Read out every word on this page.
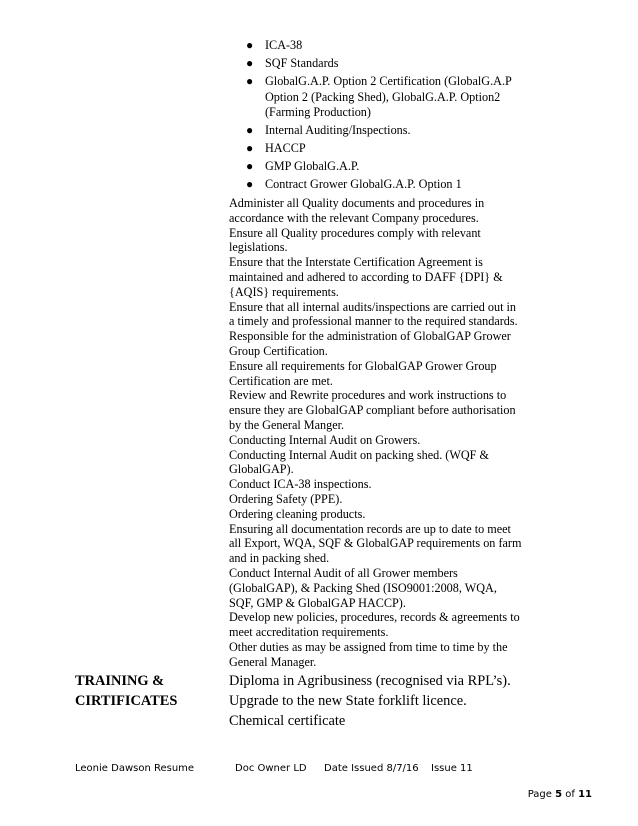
● ICA-38
● SQF Standards
● GlobalG.A.P. Option 2 Certification (GlobalG.A.P Option 2 (Packing Shed), GlobalG.A.P. Option2 (Farming Production)
● Internal Auditing/Inspections.
● HACCP
● GMP GlobalG.A.P.
● Contract Grower GlobalG.A.P. Option 1
Administer all Quality documents and procedures in
accordance with the relevant Company procedures.
Ensure all Quality procedures comply with relevant
legislations.
Ensure that the Interstate Certification Agreement is
maintained and adhered to according to DAFF {DPI} &
{AQIS} requirements.
Ensure that all internal audits/inspections are carried out in
a timely and professional manner to the required standards.
Responsible for the administration of GlobalGAP Grower
Group Certification.
Ensure all requirements for GlobalGAP Grower Group
Certification are met.
Review and Rewrite procedures and work instructions to
ensure they are GlobalGAP compliant before authorisation
by the General Manger.
Conducting Internal Audit on Growers.
Conducting Internal Audit on packing shed. (WQF &
GlobalGAP).
Conduct ICA-38 inspections.
Ordering Safety (PPE).
Ordering cleaning products.
Ensuring all documentation records are up to date to meet
all Export, WQA, SQF & GlobalGAP requirements on farm
and in packing shed.
Conduct Internal Audit of all Grower members
(GlobalGAP), & Packing Shed (ISO9001:2008, WQA,
SQF, GMP & GlobalGAP HACCP).
Develop new policies, procedures, records & agreements to
meet accreditation requirements.
Other duties as may be assigned from time to time by the
General Manager.
TRAINING &
CIRTIFICATES
Diploma in Agribusiness (recognised via RPL’s).
Upgrade to the new State forklift licence.
Chemical certificate
Leonie Dawson Resume	Doc Owner LD Date Issued 8/7/16 Issue 11
Page 5 of 11
